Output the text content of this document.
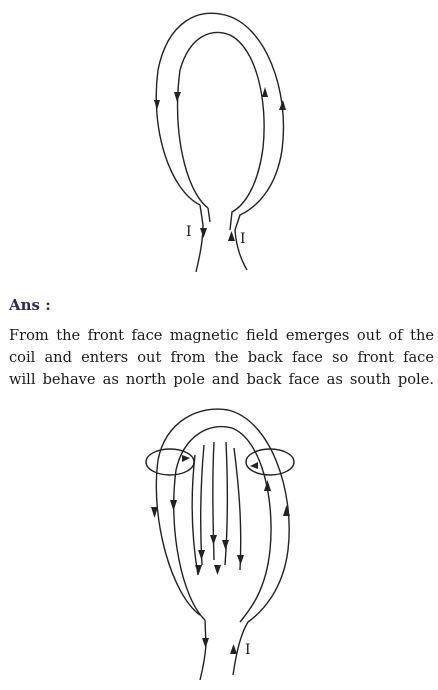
I	I
Ans :
From the front face magnetic field emerges out of the
coil and enters out from the back face so front face
will behave as north pole and back face as south pole.
I
